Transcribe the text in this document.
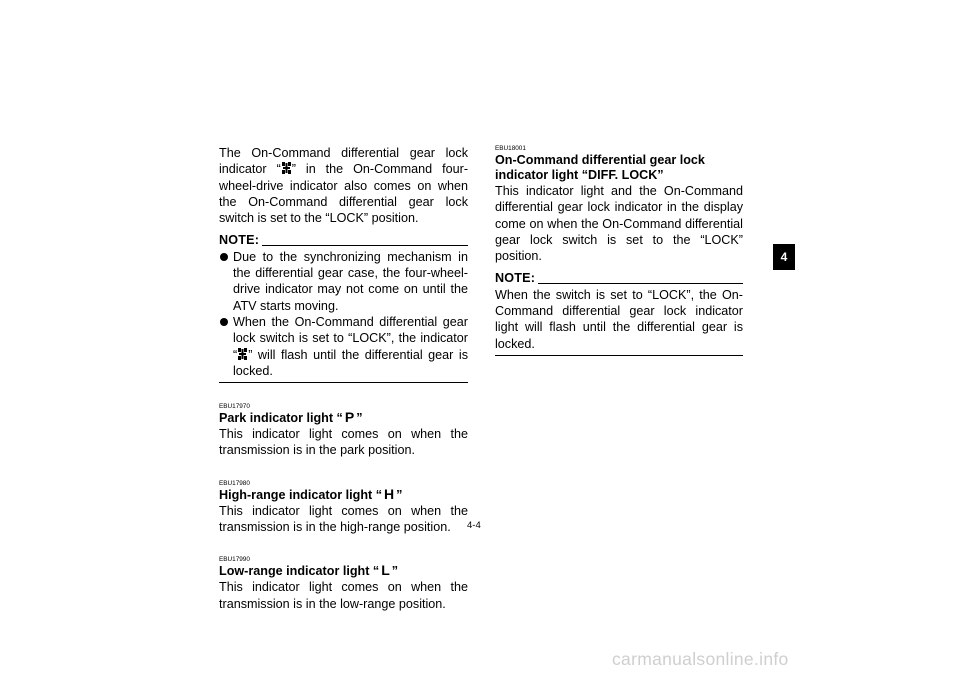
The On-Command differential gear lock indicator “ ” in the On-Command four-wheel-drive indicator also comes on when the On-Command differential gear lock switch is set to the “LOCK” position.

NOTE:
Due to the synchronizing mechanism in the differential gear case, the four-wheel-drive indicator may not come on until the ATV starts moving.
When the On-Command differential gear lock switch is set to “LOCK”, the indicator “ ” will flash until the differential gear is locked.

EBU17970

Park indicator light “ P ”

This indicator light comes on when the transmission is in the park position.

EBU17980

High-range indicator light “ H ”

This indicator light comes on when the transmission is in the high-range position.

EBU17990

Low-range indicator light “ L ”

This indicator light comes on when the transmission is in the low-range position.

EBU18001

On-Command differential gear lock indicator light “DIFF. LOCK”

This indicator light and the On-Command differential gear lock indicator in the display come on when the On-Command differential gear lock switch is set to the “LOCK” position.

NOTE:

When the switch is set to “LOCK”, the On-Command differential gear lock indicator light will flash until the differential gear is locked.

4
4-4
carmanualsonline.info
